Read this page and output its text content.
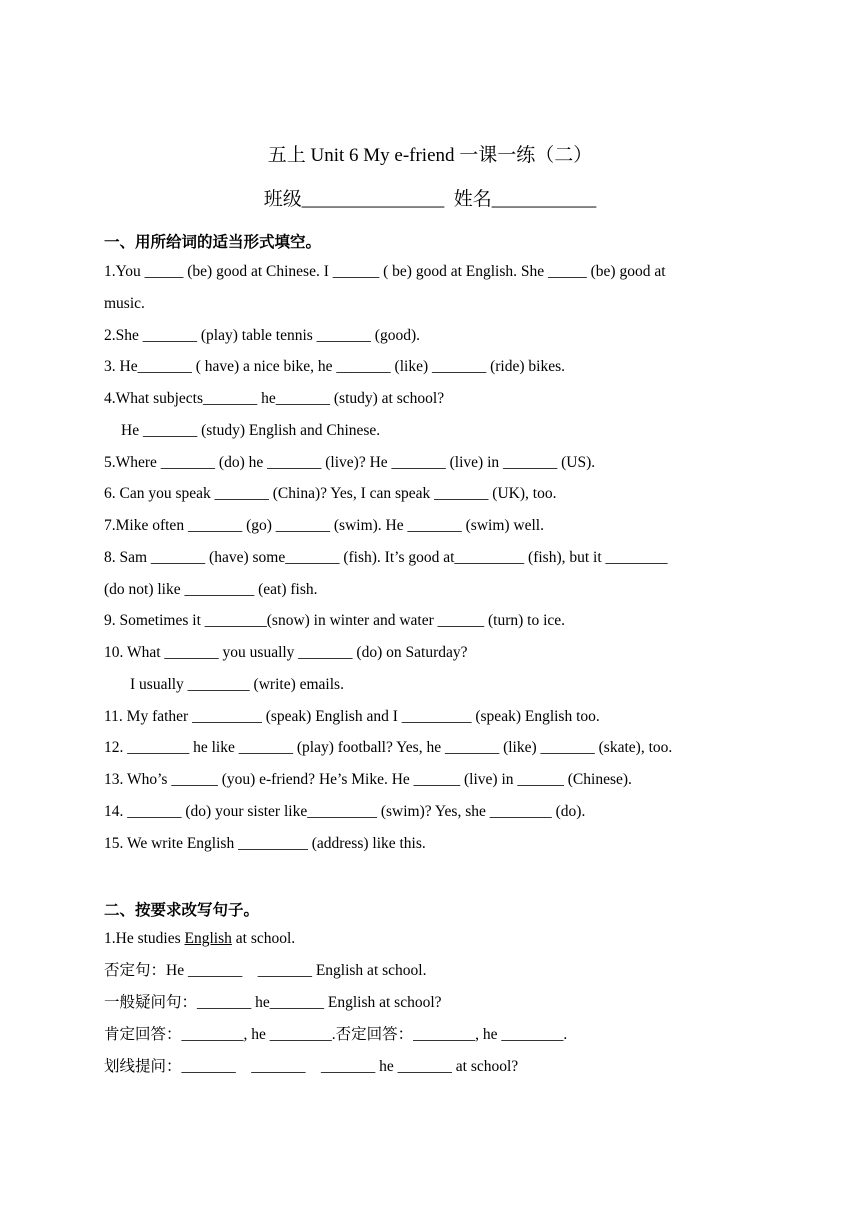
五上 Unit 6 My e-friend 一课一练（二）
班级_______________  姓名___________
一、用所给词的适当形式填空。
1.You _____ (be) good at Chinese. I ______ ( be) good at English. She _____ (be) good at
music.
2.She _______ (play) table tennis _______ (good).
3. He_______ ( have) a nice bike, he _______ (like) _______ (ride) bikes.
4.What subjects_______ he_______ (study) at school?
He _______ (study) English and Chinese.
5.Where _______ (do) he _______ (live)? He _______ (live) in _______ (US).
6. Can you speak _______ (China)? Yes, I can speak _______ (UK), too.
7.Mike often _______ (go) _______ (swim). He _______ (swim) well.
8. Sam _______ (have) some_______ (fish). It’s good at_________ (fish), but it ________
(do not) like _________ (eat) fish.
9. Sometimes it ________(snow) in winter and water ______ (turn) to ice.
10. What _______ you usually _______ (do) on Saturday?
I usually ________ (write) emails.
11. My father _________ (speak) English and I _________ (speak) English too.
12. ________ he like _______ (play) football? Yes, he _______ (like) _______ (skate), too.
13. Who’s ______ (you) e-friend? He’s Mike. He ______ (live) in ______ (Chinese).
14. _______ (do) your sister like_________ (swim)? Yes, she ________ (do).
15. We write English _________ (address) like this.
二、按要求改写句子。
1.He studies English at school.
否定句：He _______    _______ English at school.
一般疑问句：_______ he_______ English at school?
肯定回答：________, he ________.否定回答：________, he ________.
划线提问：_______    _______    _______ he _______ at school?
